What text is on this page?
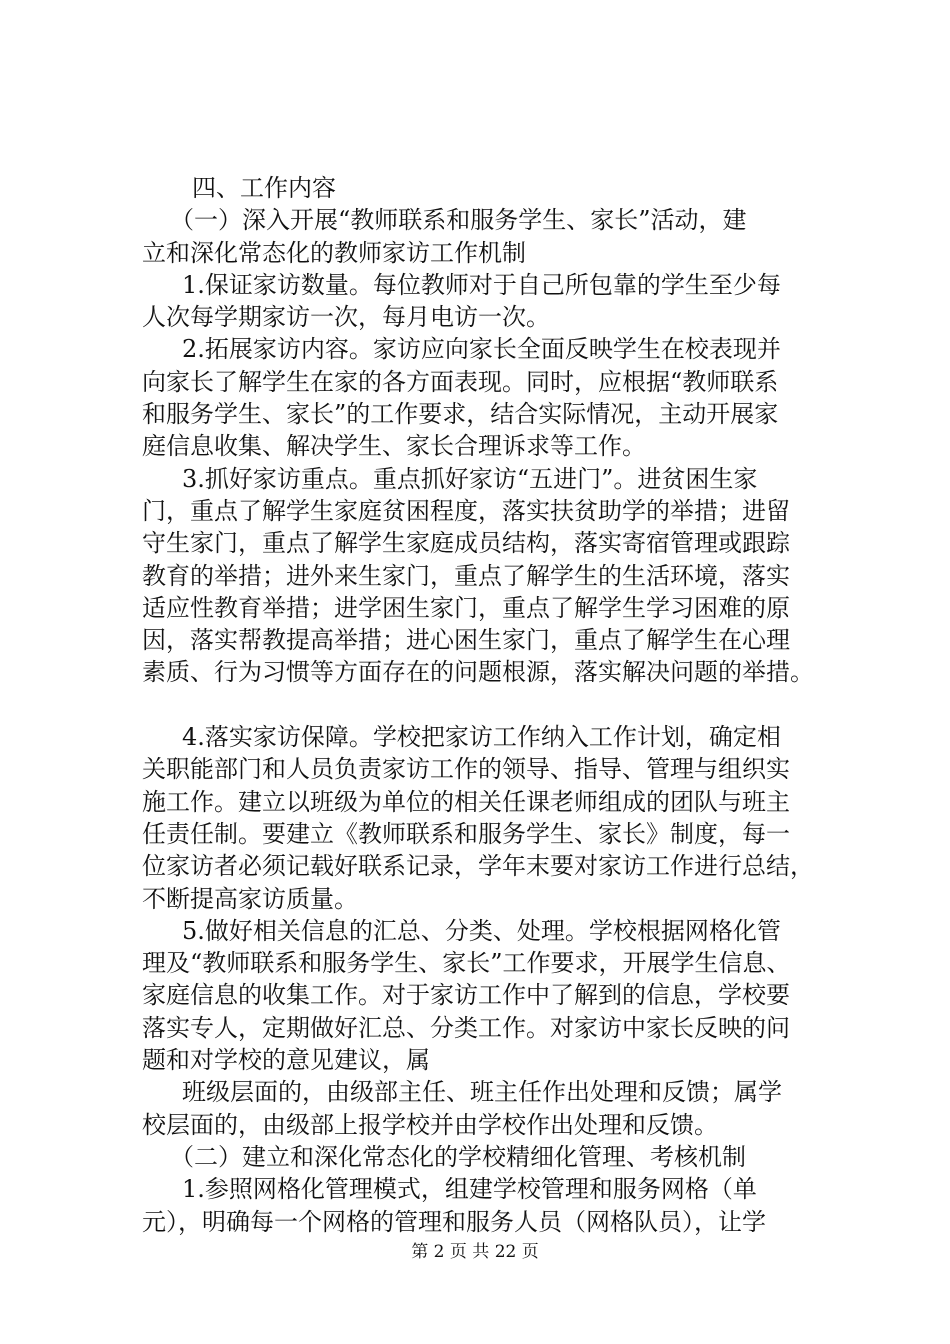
四、工作内容
（一）深入开展“教师联系和服务学生、家长”活动，建
立和深化常态化的教师家访工作机制
1.保证家访数量。每位教师对于自己所包靠的学生至少每
人次每学期家访一次，每月电访一次。
2.拓展家访内容。家访应向家长全面反映学生在校表现并
向家长了解学生在家的各方面表现。同时，应根据“教师联系
和服务学生、家长”的工作要求，结合实际情况，主动开展家
庭信息收集、解决学生、家长合理诉求等工作。
3.抓好家访重点。重点抓好家访“五进门”。进贫困生家
门，重点了解学生家庭贫困程度，落实扶贫助学的举措；进留
守生家门，重点了解学生家庭成员结构，落实寄宿管理或跟踪
教育的举措；进外来生家门，重点了解学生的生活环境，落实
适应性教育举措；进学困生家门，重点了解学生学习困难的原
因，落实帮教提高举措；进心困生家门，重点了解学生在心理
素质、行为习惯等方面存在的问题根源，落实解决问题的举措。
4.落实家访保障。学校把家访工作纳入工作计划，确定相
关职能部门和人员负责家访工作的领导、指导、管理与组织实
施工作。建立以班级为单位的相关任课老师组成的团队与班主
任责任制。要建立《教师联系和服务学生、家长》制度，每一
位家访者必须记载好联系记录，学年末要对家访工作进行总结，
不断提高家访质量。
5.做好相关信息的汇总、分类、处理。学校根据网格化管
理及“教师联系和服务学生、家长”工作要求，开展学生信息、
家庭信息的收集工作。对于家访工作中了解到的信息，学校要
落实专人，定期做好汇总、分类工作。对家访中家长反映的问
题和对学校的意见建议，属
班级层面的，由级部主任、班主任作出处理和反馈；属学
校层面的，由级部上报学校并由学校作出处理和反馈。
（二）建立和深化常态化的学校精细化管理、考核机制
1.参照网格化管理模式，组建学校管理和服务网格（单
元），明确每一个网格的管理和服务人员（网格队员），让学
第 2 页 共 22 页
